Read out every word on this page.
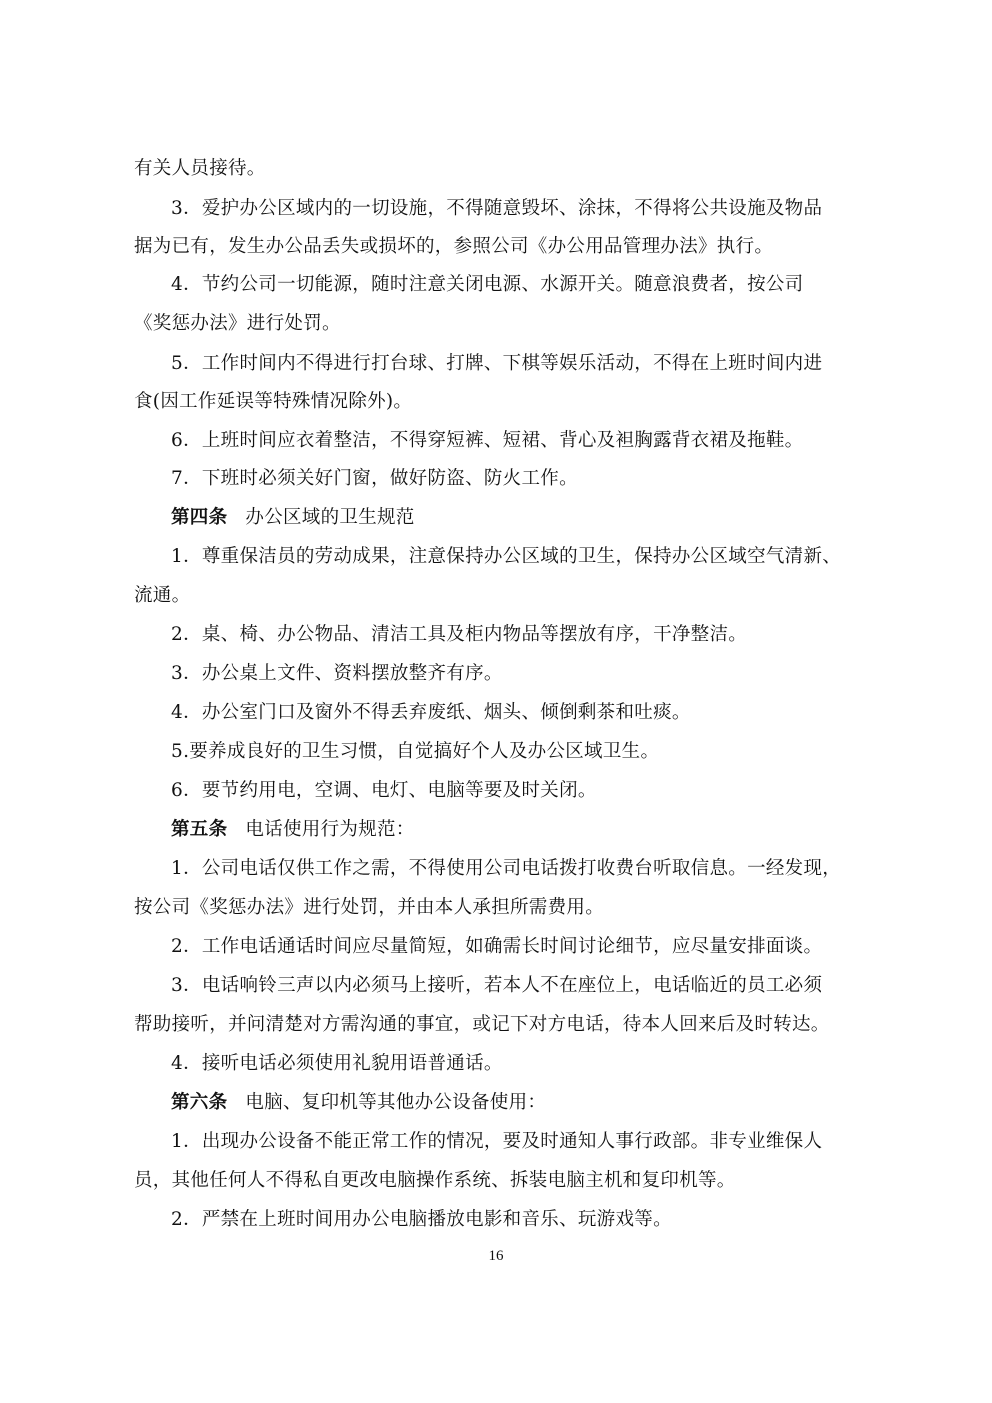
有关人员接待。
3．爱护办公区域内的一切设施，不得随意毁坏、涂抹，不得将公共设施及物品
据为已有，发生办公品丢失或损坏的，参照公司《办公用品管理办法》执行。
4．节约公司一切能源，随时注意关闭电源、水源开关。随意浪费者，按公司
《奖惩办法》进行处罚。
5．工作时间内不得进行打台球、打牌、下棋等娱乐活动，不得在上班时间内进
食(因工作延误等特殊情况除外)。
6．上班时间应衣着整洁，不得穿短裤、短裙、背心及袒胸露背衣裙及拖鞋。
7．下班时必须关好门窗，做好防盗、防火工作。
第四条 办公区域的卫生规范
1．尊重保洁员的劳动成果，注意保持办公区域的卫生，保持办公区域空气清新、
流通。
2．桌、椅、办公物品、清洁工具及柜内物品等摆放有序，干净整洁。
3．办公桌上文件、资料摆放整齐有序。
4．办公室门口及窗外不得丢弃废纸、烟头、倾倒剩茶和吐痰。
5.要养成良好的卫生习惯，自觉搞好个人及办公区域卫生。
6．要节约用电，空调、电灯、电脑等要及时关闭。
第五条 电话使用行为规范：
1．公司电话仅供工作之需，不得使用公司电话拨打收费台听取信息。一经发现，
按公司《奖惩办法》进行处罚，并由本人承担所需费用。
2．工作电话通话时间应尽量简短，如确需长时间讨论细节，应尽量安排面谈。
3．电话响铃三声以内必须马上接听，若本人不在座位上，电话临近的员工必须
帮助接听，并问清楚对方需沟通的事宜，或记下对方电话，待本人回来后及时转达。
4．接听电话必须使用礼貌用语普通话。
第六条 电脑、复印机等其他办公设备使用：
1．出现办公设备不能正常工作的情况，要及时通知人事行政部。非专业维保人
员，其他任何人不得私自更改电脑操作系统、拆装电脑主机和复印机等。
2．严禁在上班时间用办公电脑播放电影和音乐、玩游戏等。
16
